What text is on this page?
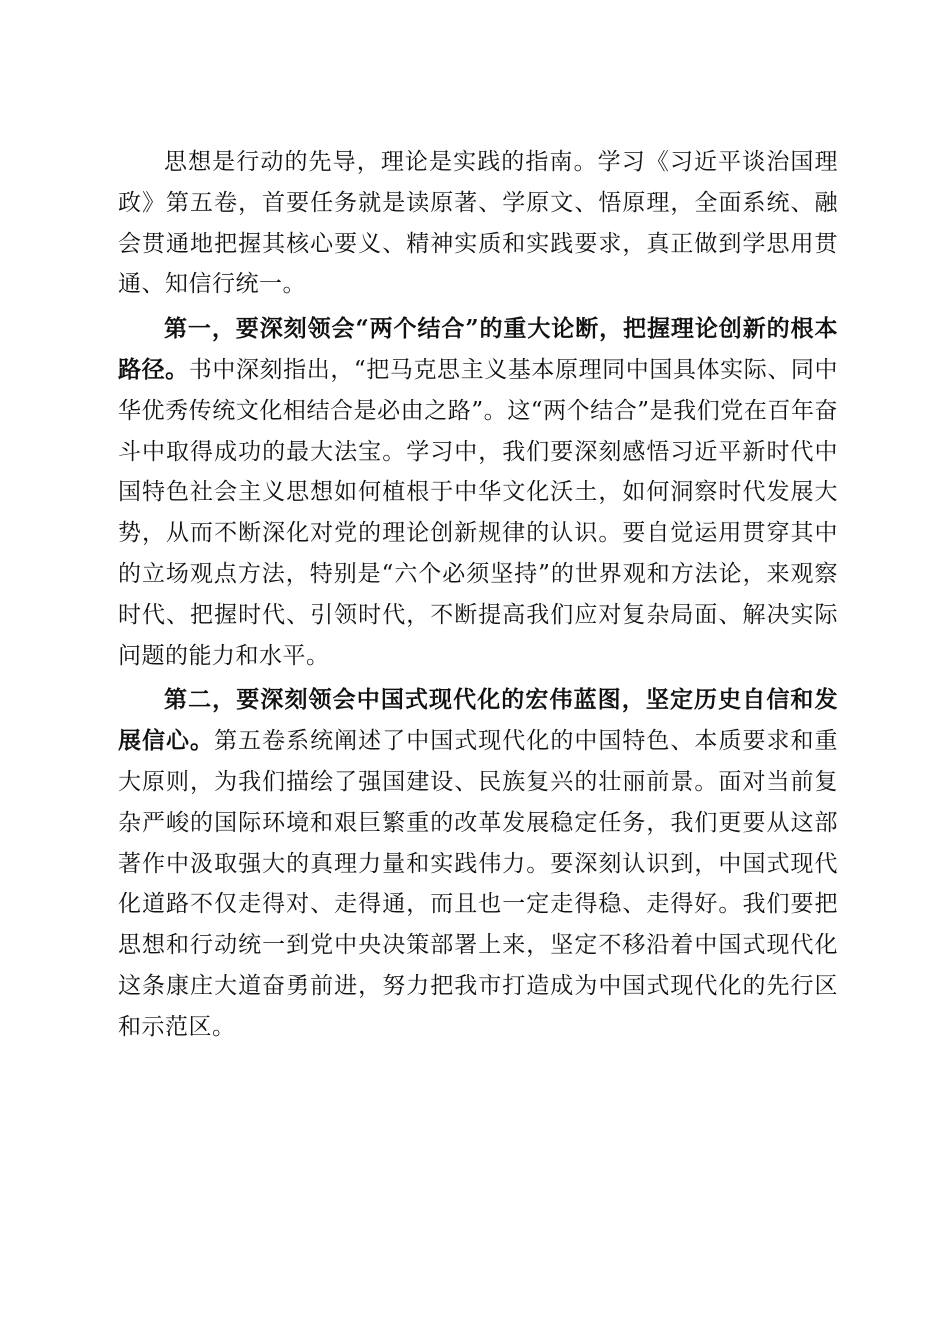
思想是行动的先导，理论是实践的指南。学习《习近平谈治国理政》第五卷，首要任务就是读原著、学原文、悟原理，全面系统、融会贯通地把握其核心要义、精神实质和实践要求，真正做到学思用贯通、知信行统一。

第一，要深刻领会“两个结合”的重大论断，把握理论创新的根本路径。书中深刻指出，“把马克思主义基本原理同中国具体实际、同中华优秀传统文化相结合是必由之路”。这“两个结合”是我们党在百年奋斗中取得成功的最大法宝。学习中，我们要深刻感悟习近平新时代中国特色社会主义思想如何植根于中华文化沃土，如何洞察时代发展大势，从而不断深化对党的理论创新规律的认识。要自觉运用贯穿其中的立场观点方法，特别是“六个必须坚持”的世界观和方法论，来观察时代、把握时代、引领时代，不断提高我们应对复杂局面、解决实际问题的能力和水平。

第二，要深刻领会中国式现代化的宏伟蓝图，坚定历史自信和发展信心。第五卷系统阐述了中国式现代化的中国特色、本质要求和重大原则，为我们描绘了强国建设、民族复兴的壮丽前景。面对当前复杂严峻的国际环境和艰巨繁重的改革发展稳定任务，我们更要从这部著作中汲取强大的真理力量和实践伟力。要深刻认识到，中国式现代化道路不仅走得对、走得通，而且也一定走得稳、走得好。我们要把思想和行动统一到党中央决策部署上来，坚定不移沿着中国式现代化这条康庄大道奋勇前进，努力把我市打造成为中国式现代化的先行区和示范区。
